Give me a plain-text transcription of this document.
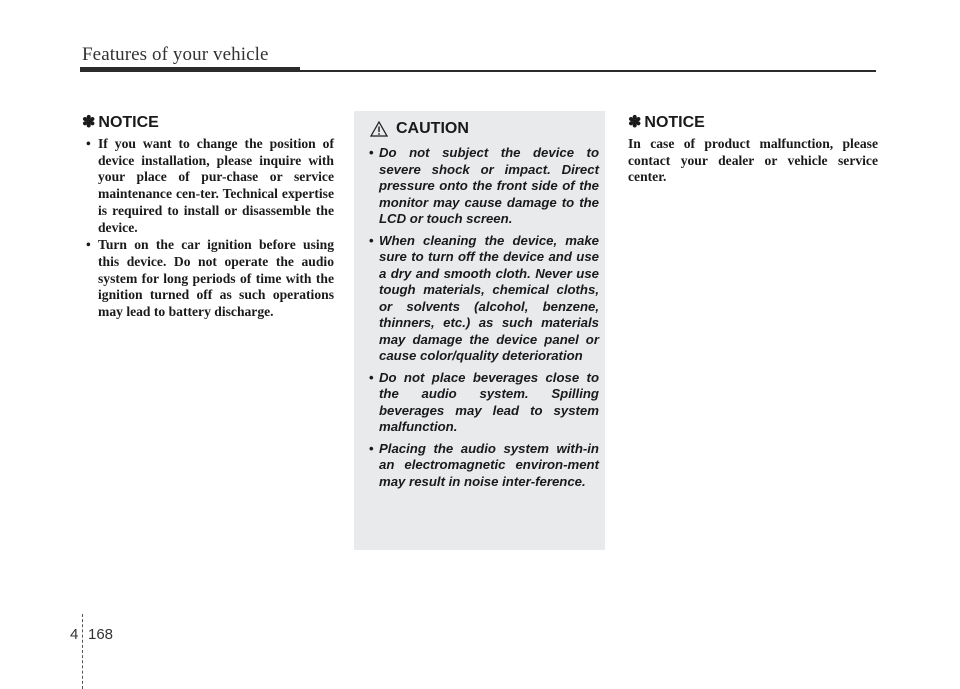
Features of your vehicle
✽ NOTICE
• If you want to change the position of device installation, please inquire with your place of pur-chase or service maintenance cen-ter. Technical expertise is required to install or disassemble the device.
• Turn on the car ignition before using this device. Do not operate the audio system for long periods of time with the ignition turned off as such operations may lead to battery discharge.
CAUTION
• Do not subject the device to severe shock or impact. Direct pressure onto the front side of the monitor may cause damage to the LCD or touch screen.
• When cleaning the device, make sure to turn off the device and use a dry and smooth cloth. Never use tough materials, chemical cloths, or solvents (alcohol, benzene, thinners, etc.) as such materials may damage the device panel or cause color/quality deterioration
• Do not place beverages close to the audio system. Spilling beverages may lead to system malfunction.
• Placing the audio system with-in an electromagnetic environ-ment may result in noise inter-ference.
✽ NOTICE

In case of product malfunction, please contact your dealer or vehicle service center.

4 168
